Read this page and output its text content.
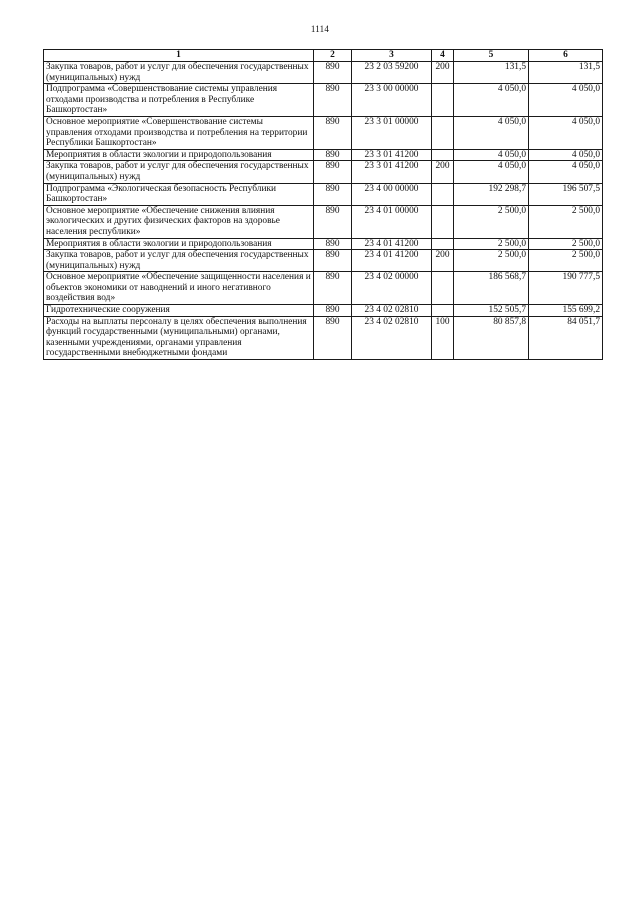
1114
1	2	3	4	5	6
Закупка товаров, работ и услуг для обеспечения государственных (муниципальных) нужд	890	23 2 03 59200	200	131,5	131,5
Подпрограмма «Совершенствование системы управления отходами производства и потребления в Республике Башкортостан»	890	23 3 00 00000		4 050,0	4 050,0
Основное мероприятие «Совершенствование системы управления отходами производства и потребления на территории Республики Башкортостан»	890	23 3 01 00000		4 050,0	4 050,0
Мероприятия в области экологии и природопользования	890	23 3 01 41200		4 050,0	4 050,0
Закупка товаров, работ и услуг для обеспечения государственных (муниципальных) нужд	890	23 3 01 41200	200	4 050,0	4 050,0
Подпрограмма «Экологическая безопасность Республики Башкортостан»	890	23 4 00 00000		192 298,7	196 507,5
Основное мероприятие «Обеспечение снижения влияния экологических и других физических факторов на здоровье населения республики»	890	23 4 01 00000		2 500,0	2 500,0
Мероприятия в области экологии и природопользования	890	23 4 01 41200		2 500,0	2 500,0
Закупка товаров, работ и услуг для обеспечения государственных (муниципальных) нужд	890	23 4 01 41200	200	2 500,0	2 500,0
Основное мероприятие «Обеспечение защищенности населения и объектов экономики от наводнений и иного негативного воздействия вод»	890	23 4 02 00000		186 568,7	190 777,5
Гидротехнические сооружения	890	23 4 02 02810		152 505,7	155 699,2
Расходы на выплаты персоналу в целях обеспечения выполнения функций государственными (муниципальными) органами, казенными учреждениями, органами управления государственными внебюджетными фондами	890	23 4 02 02810	100	80 857,8	84 051,7
